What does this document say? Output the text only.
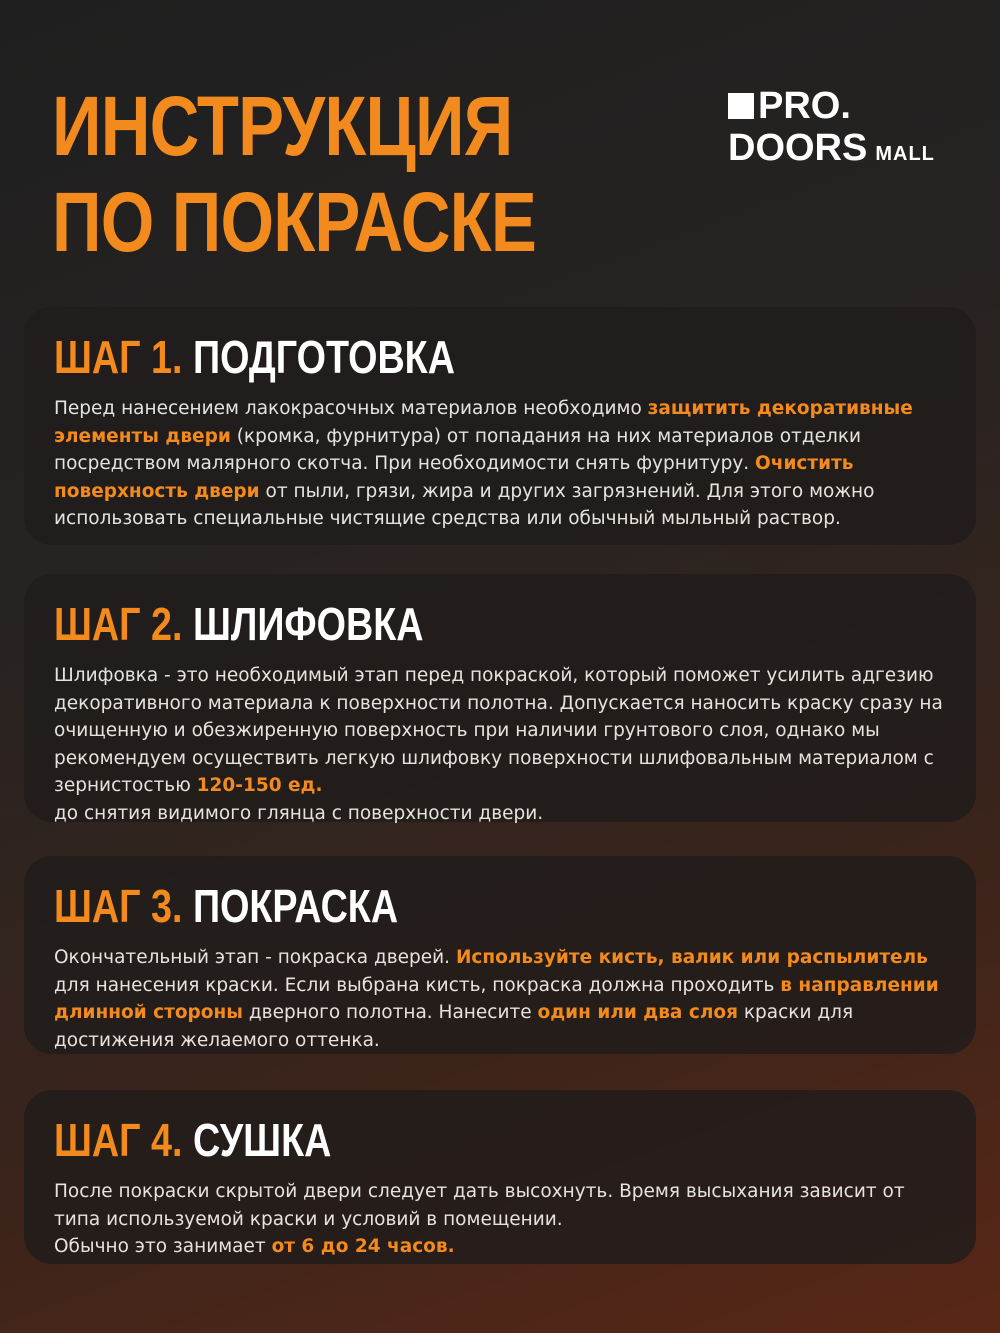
ИНСТРУКЦИЯ
ПО ПОКРАСКЕ
PRO.
DOORS MALL
ШАГ 1. ПОДГОТОВКА
Перед нанесением лакокрасочных материалов необходимо защитить декоративные элементы двери (кромка, фурнитура) от попадания на них материалов отделки посредством малярного скотча. При необходимости снять фурнитуру. Очистить поверхность двери от пыли, грязи, жира и других загрязнений. Для этого можно использовать специальные чистящие средства или обычный мыльный раствор.
ШАГ 2. ШЛИФОВКА
Шлифовка - это необходимый этап перед покраской, который поможет усилить адгезию декоративного материала к поверхности полотна. Допускается наносить краску сразу на очищенную и обезжиренную поверхность при наличии грунтового слоя, однако мы рекомендуем осуществить легкую шлифовку поверхности шлифовальным материалом с зернистостью 120-150 ед.
до снятия видимого глянца с поверхности двери.
ШАГ 3. ПОКРАСКА
Окончательный этап - покраска дверей. Используйте кисть, валик или распылитель для нанесения краски. Если выбрана кисть, покраска должна проходить в направлении длинной стороны дверного полотна. Нанесите один или два слоя краски для достижения желаемого оттенка.
ШАГ 4. СУШКА
После покраски скрытой двери следует дать высохнуть. Время высыхания зависит от типа используемой краски и условий в помещении.
Обычно это занимает от 6 до 24 часов.
